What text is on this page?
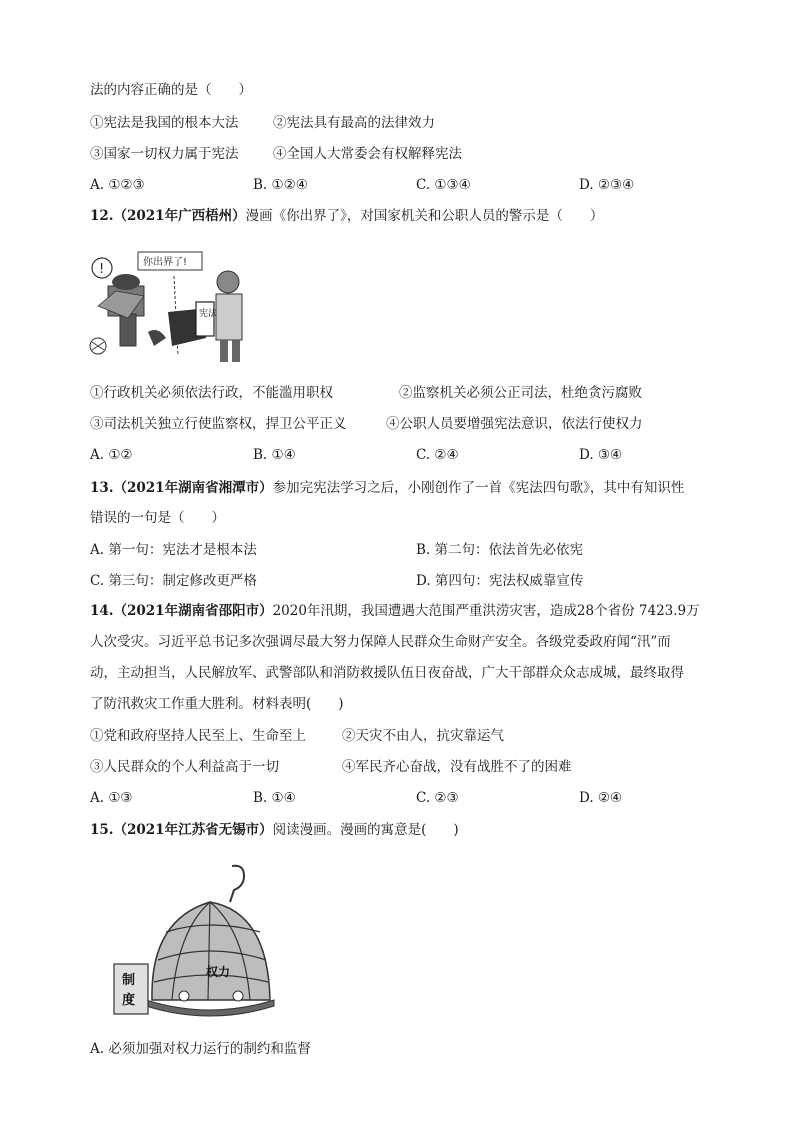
法的内容正确的是（　　）
①宪法是我国的根本大法	②宪法具有最高的法律效力
③国家一切权力属于宪法	④全国人大常委会有权解释宪法
A. ①②③	B. ①②④	C. ①③④	D. ②③④
12.（2021年广西梧州）漫画《你出界了》，对国家机关和公职人员的警示是（　　）
!	你出界了!
宪法
①行政机关必须依法行政，不能滥用职权	②监察机关必须公正司法，杜绝贪污腐败
③司法机关独立行使监察权，捍卫公平正义	④公职人员要增强宪法意识，依法行使权力
A. ①②	B. ①④	C. ②④	D. ③④
13.（2021年湖南省湘潭市）参加完宪法学习之后，小刚创作了一首《宪法四句歌》，其中有知识性
错误的一句是（　　）
A. 第一句：宪法才是根本法	B. 第二句：依法首先必依宪
C. 第三句：制定修改更严格	D. 第四句：宪法权威靠宣传
14.（2021年湖南省邵阳市）2020年汛期，我国遭遇大范围严重洪涝灾害，造成28个省份 7423.9万
人次受灾。习近平总书记多次强调尽最大努力保障人民群众生命财产安全。各级党委政府闻“汛”而
动，主动担当，人民解放军、武警部队和消防救援队伍日夜奋战，广大干部群众众志成城，最终取得
了防汛救灾工作重大胜利。材料表明(　　)
①党和政府坚持人民至上、生命至上	②天灾不由人，抗灾靠运气
③人民群众的个人利益高于一切	④军民齐心奋战，没有战胜不了的困难
A. ①③	B. ①④	C. ②③	D. ②④
15.（2021年江苏省无锡市）阅读漫画。漫画的寓意是(　　)
权力
制
度
A. 必须加强对权力运行的制约和监督
